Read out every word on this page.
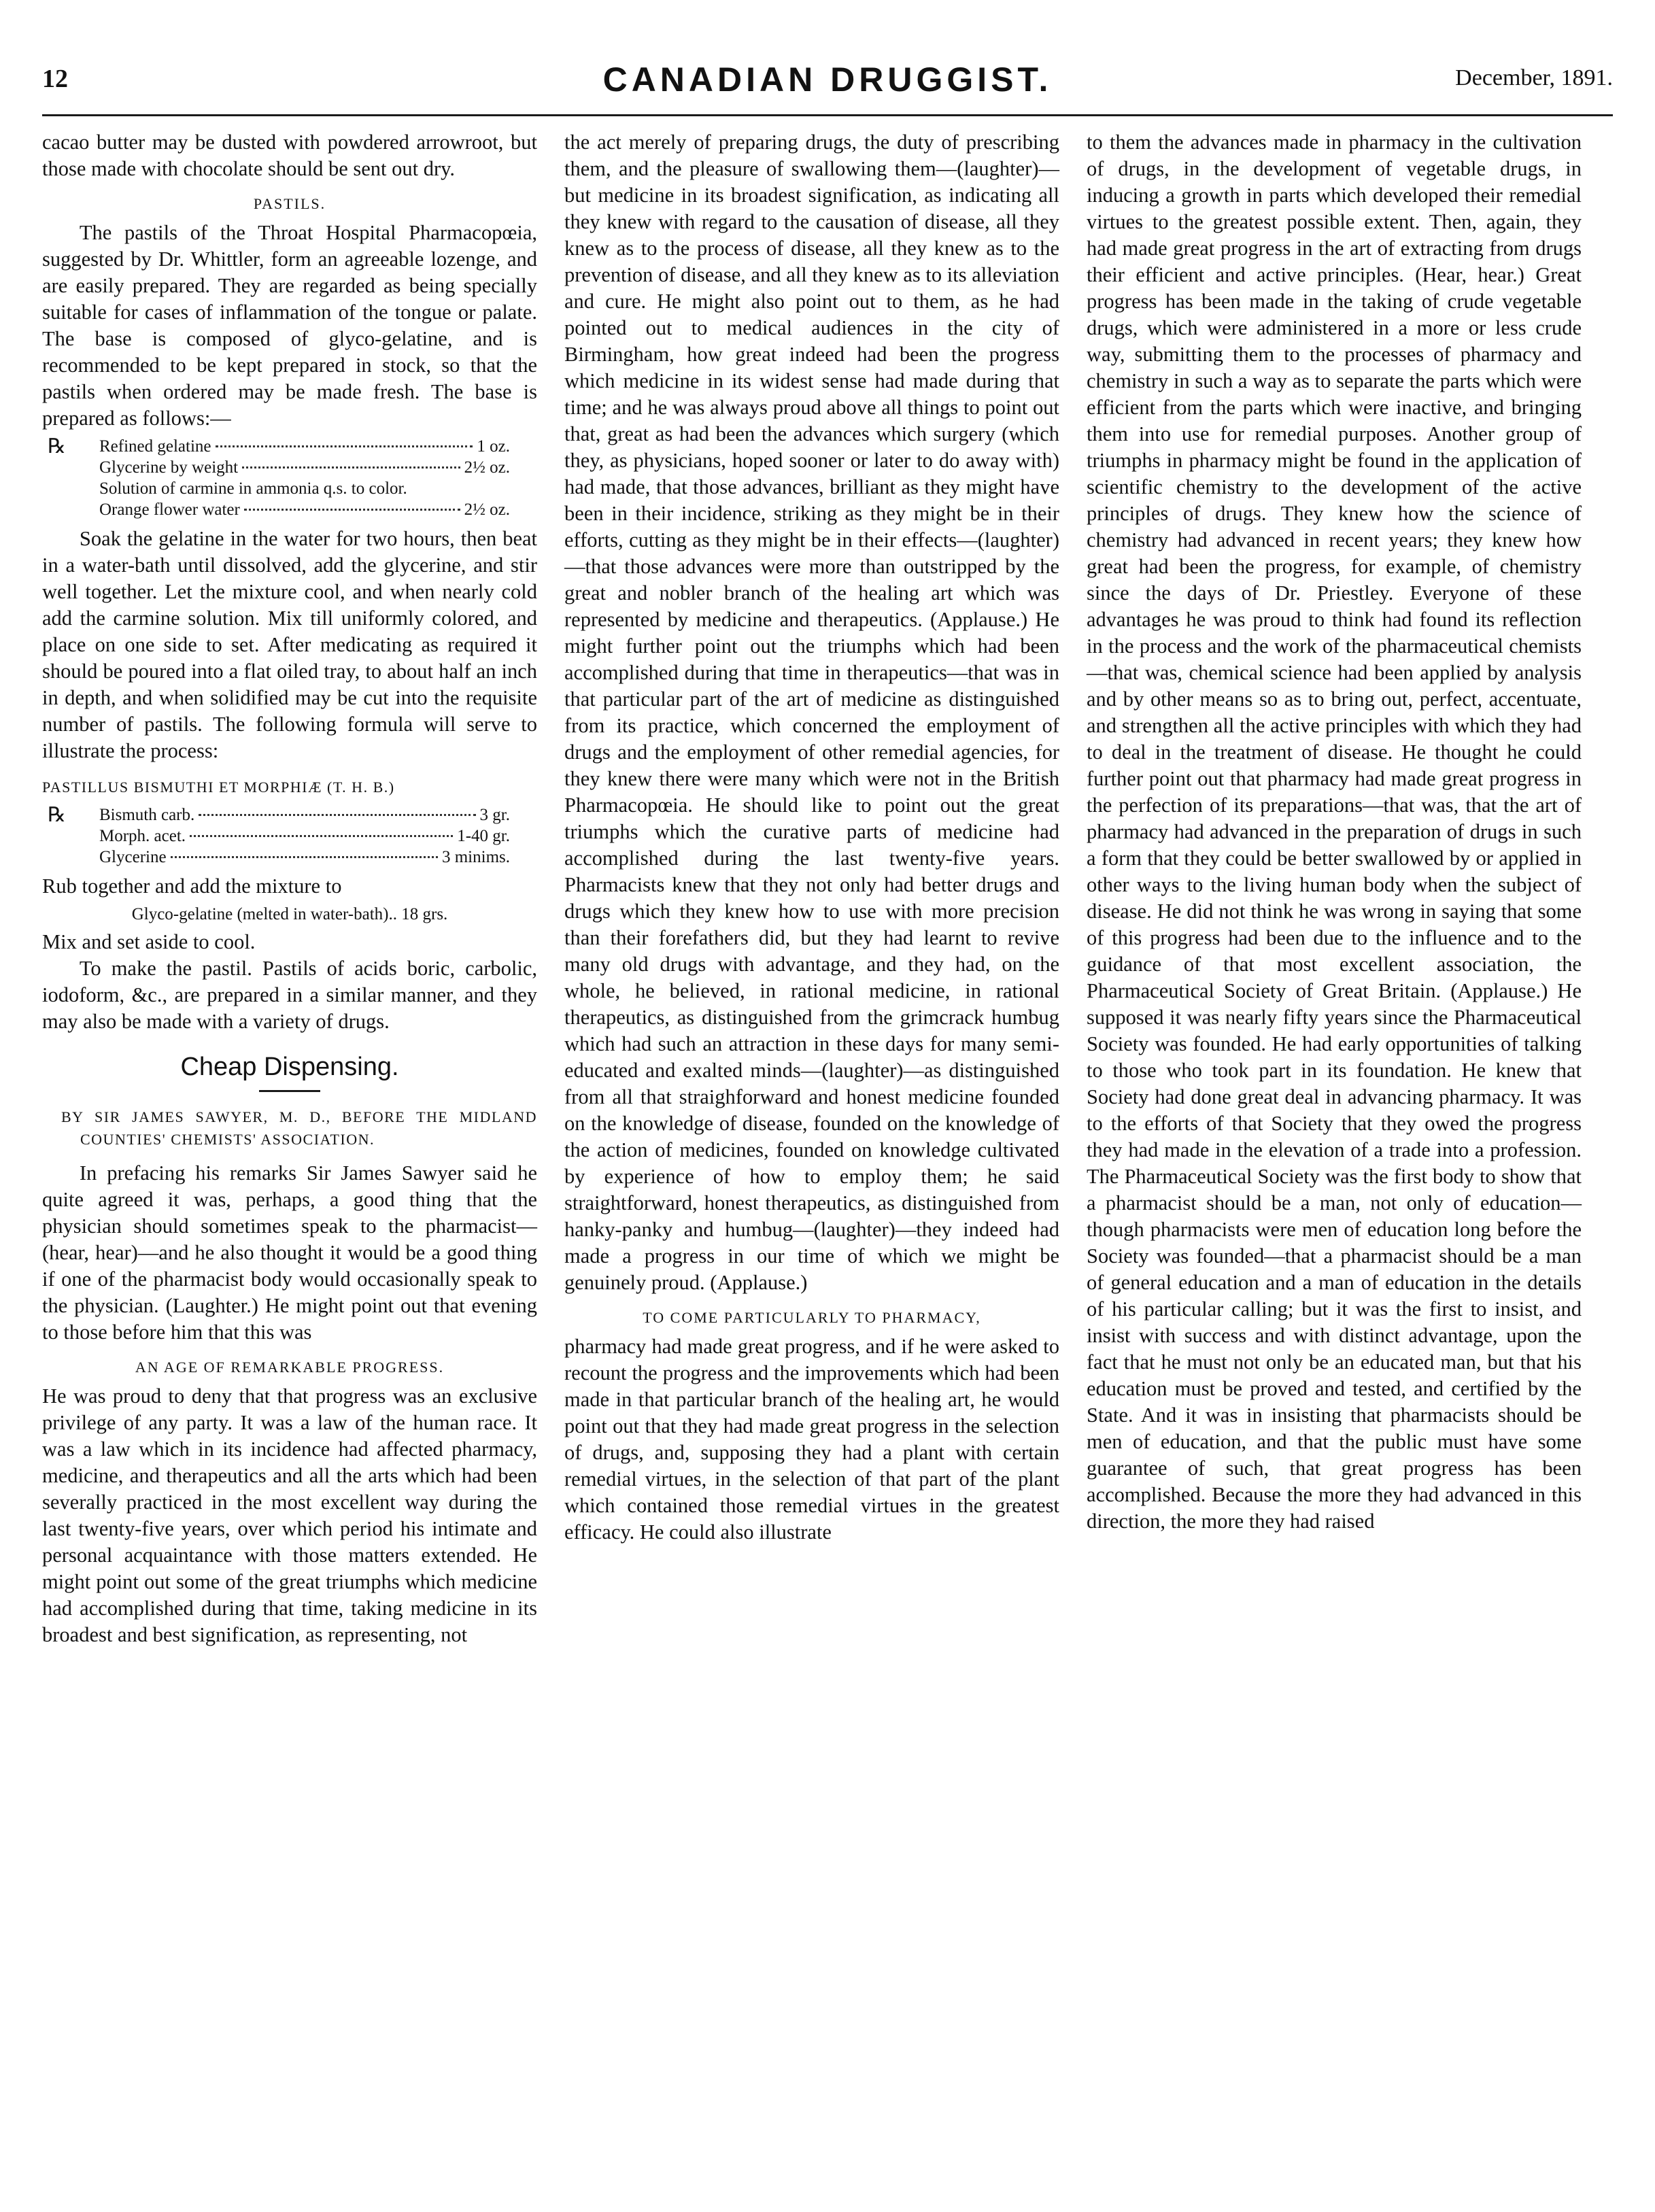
12	CANADIAN DRUGGIST.	December, 1891.

cacao butter may be dusted with powdered arrowroot, but those made with chocolate should be sent out dry.

PASTILS.

The pastils of the Throat Hospital Pharmacopœia, suggested by Dr. Whittler, form an agreeable lozenge, and are easily prepared. They are regarded as being specially suitable for cases of inflammation of the tongue or palate. The base is composed of glyco-gelatine, and is recommended to be kept prepared in stock, so that the pastils when ordered may be made fresh. The base is prepared as follows:—

℞ Refined gelatine	1 oz.
Glycerine by weight	2½ oz.
Solution of carmine in ammonia q.s. to color.
Orange flower water	2½ oz.

Soak the gelatine in the water for two hours, then beat in a water-bath until dissolved, add the glycerine, and stir well together. Let the mixture cool, and when nearly cold add the carmine solution. Mix till uniformly colored, and place on one side to set. After medicating as required it should be poured into a flat oiled tray, to about half an inch in depth, and when solidified may be cut into the requisite number of pastils. The following formula will serve to illustrate the process:

PASTILLUS BISMUTHI ET MORPHIÆ (T. H. B.)
℞ Bismuth carb.	3 gr.
Morph. acet.	1-40 gr.
Glycerine	3 minims.

Rub together and add the mixture to

Glyco-gelatine (melted in water-bath).. 18 grs.

Mix and set aside to cool.

To make the pastil. Pastils of acids boric, carbolic, iodoform, &c., are prepared in a similar manner, and they may also be made with a variety of drugs.

Cheap Dispensing.
BY SIR JAMES SAWYER, M. D., BEFORE THE MIDLAND COUNTIES' CHEMISTS' ASSOCIATION.

In prefacing his remarks Sir James Sawyer said he quite agreed it was, perhaps, a good thing that the physician should sometimes speak to the pharmacist—(hear, hear)—and he also thought it would be a good thing if one of the pharmacist body would occasionally speak to the physician. (Laughter.) He might point out that evening to those before him that this was

AN AGE OF REMARKABLE PROGRESS.

He was proud to deny that that progress was an exclusive privilege of any party. It was a law of the human race. It was a law which in its incidence had affected pharmacy, medicine, and therapeutics and all the arts which had been severally practiced in the most excellent way during the last twenty-five years, over which period his intimate and personal acquaintance with those matters extended. He might point out some of the great triumphs which medicine had accomplished during that time, taking medicine in its broadest and best signification, as representing, not

the act merely of preparing drugs, the duty of prescribing them, and the pleasure of swallowing them—(laughter)—but medicine in its broadest signification, as indicating all they knew with regard to the causation of disease, all they knew as to the process of disease, all they knew as to the prevention of disease, and all they knew as to its alleviation and cure. He might also point out to them, as he had pointed out to medical audiences in the city of Birmingham, how great indeed had been the progress which medicine in its widest sense had made during that time; and he was always proud above all things to point out that, great as had been the advances which surgery (which they, as physicians, hoped sooner or later to do away with) had made, that those advances, brilliant as they might have been in their incidence, striking as they might be in their efforts, cutting as they might be in their effects—(laughter)—that those advances were more than outstripped by the great and nobler branch of the healing art which was represented by medicine and therapeutics. (Applause.) He might further point out the triumphs which had been accomplished during that time in therapeutics—that was in that particular part of the art of medicine as distinguished from its practice, which concerned the employment of drugs and the employment of other remedial agencies, for they knew there were many which were not in the British Pharmacopœia. He should like to point out the great triumphs which the curative parts of medicine had accomplished during the last twenty-five years. Pharmacists knew that they not only had better drugs and drugs which they knew how to use with more precision than their forefathers did, but they had learnt to revive many old drugs with advantage, and they had, on the whole, he believed, in rational medicine, in rational therapeutics, as distinguished from the grimcrack humbug which had such an attraction in these days for many semi-educated and exalted minds—(laughter)—as distinguished from all that straighforward and honest medicine founded on the knowledge of disease, founded on the knowledge of the action of medicines, founded on knowledge cultivated by experience of how to employ them; he said straightforward, honest therapeutics, as distinguished from hanky-panky and humbug—(laughter)—they indeed had made a progress in our time of which we might be genuinely proud. (Applause.)

TO COME PARTICULARLY TO PHARMACY,

pharmacy had made great progress, and if he were asked to recount the progress and the improvements which had been made in that particular branch of the healing art, he would point out that they had made great progress in the selection of drugs, and, supposing they had a plant with certain remedial virtues, in the selection of that part of the plant which contained those remedial virtues in the greatest efficacy. He could also illustrate

to them the advances made in pharmacy in the cultivation of drugs, in the development of vegetable drugs, in inducing a growth in parts which developed their remedial virtues to the greatest possible extent. Then, again, they had made great progress in the art of extracting from drugs their efficient and active principles. (Hear, hear.) Great progress has been made in the taking of crude vegetable drugs, which were administered in a more or less crude way, submitting them to the processes of pharmacy and chemistry in such a way as to separate the parts which were efficient from the parts which were inactive, and bringing them into use for remedial purposes. Another group of triumphs in pharmacy might be found in the application of scientific chemistry to the development of the active principles of drugs. They knew how the science of chemistry had advanced in recent years; they knew how great had been the progress, for example, of chemistry since the days of Dr. Priestley. Everyone of these advantages he was proud to think had found its reflection in the process and the work of the pharmaceutical chemists—that was, chemical science had been applied by analysis and by other means so as to bring out, perfect, accentuate, and strengthen all the active principles with which they had to deal in the treatment of disease. He thought he could further point out that pharmacy had made great progress in the perfection of its preparations—that was, that the art of pharmacy had advanced in the preparation of drugs in such a form that they could be better swallowed by or applied in other ways to the living human body when the subject of disease. He did not think he was wrong in saying that some of this progress had been due to the influence and to the guidance of that most excellent association, the Pharmaceutical Society of Great Britain. (Applause.) He supposed it was nearly fifty years since the Pharmaceutical Society was founded. He had early opportunities of talking to those who took part in its foundation. He knew that Society had done great deal in advancing pharmacy. It was to the efforts of that Society that they owed the progress they had made in the elevation of a trade into a profession. The Pharmaceutical Society was the first body to show that a pharmacist should be a man, not only of education—though pharmacists were men of education long before the Society was founded—that a pharmacist should be a man of general education and a man of education in the details of his particular calling; but it was the first to insist, and insist with success and with distinct advantage, upon the fact that he must not only be an educated man, but that his education must be proved and tested, and certified by the State. And it was in insisting that pharmacists should be men of education, and that the public must have some guarantee of such, that great progress has been accomplished. Because the more they had advanced in this direction, the more they had raised
